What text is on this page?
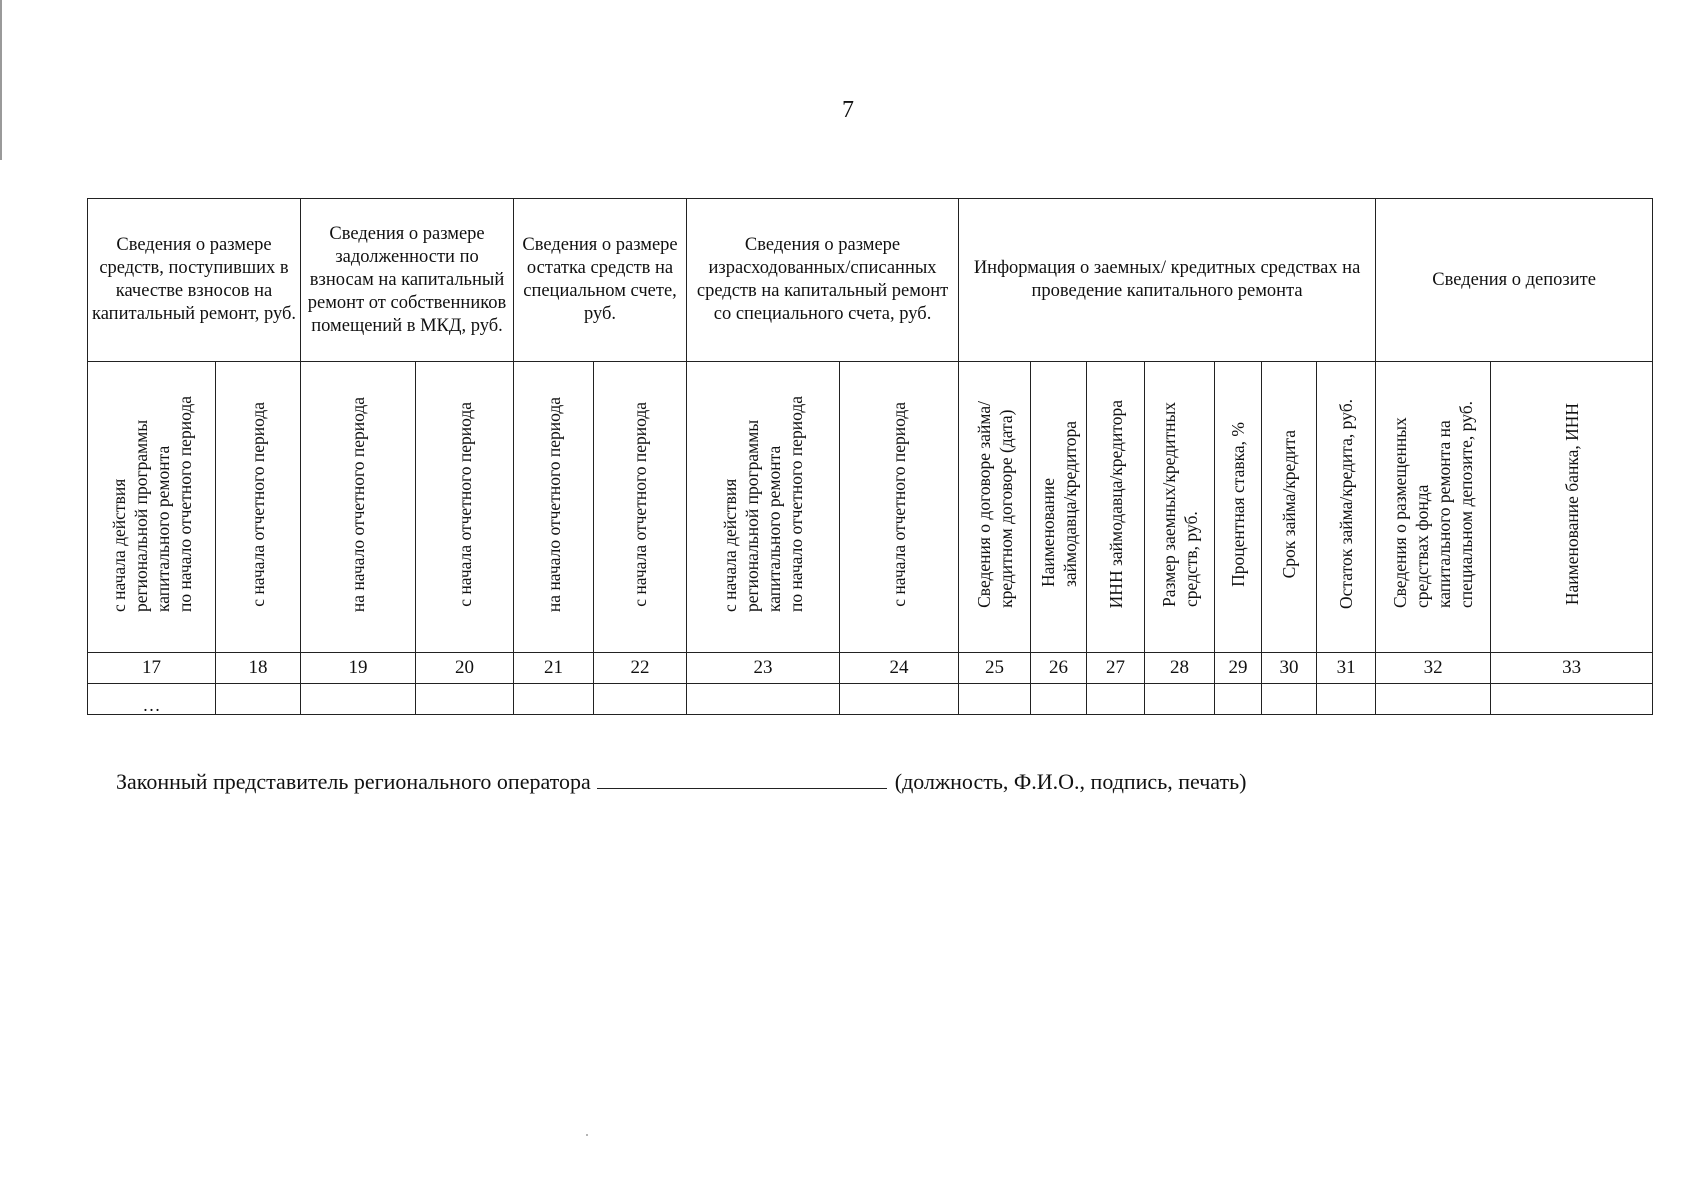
7
Сведения о размере средств, поступивших в качестве взносов на капитальный ремонт, руб.		Сведения о размере задолженности по взносам на капитальный ремонт от собственников помещений в МКД, руб.		Сведения о размере остатка средств на специальном счете, руб.		Сведения о размере израсходованных/списанных средств на капитальный ремонт со специального счета, руб.		Информация о заемных/ кредитных средствах на проведение капитального ремонта							Сведения о депозите	
с начала действия
региональной программы
капитального ремонта
по начало отчетного периода	с начала отчетного периода	на начало отчетного периода	с начала отчетного периода	на начало отчетного периода	с начала отчетного периода	с начала действия
региональной программы
капитального ремонта
по начало отчетного периода	с начала отчетного периода	Сведения о договоре займа/
кредитном договоре (дата)	Наименование
займодавца/кредитора	ИНН займодавца/кредитора	Размер заемных/кредитных
средств, руб.	Процентная ставка, %	Срок займа/кредита	Остаток займа/кредита, руб.	Сведения о размещенных
средствах фонда
капитального ремонта на
специальном депозите, руб.	Наименование банка, ИНН
17	18	19	20	21	22	23	24	25	26	27	28	29	30	31	32	33
…																
Законный представитель регионального оператора	(должность, Ф.И.О., подпись, печать)
